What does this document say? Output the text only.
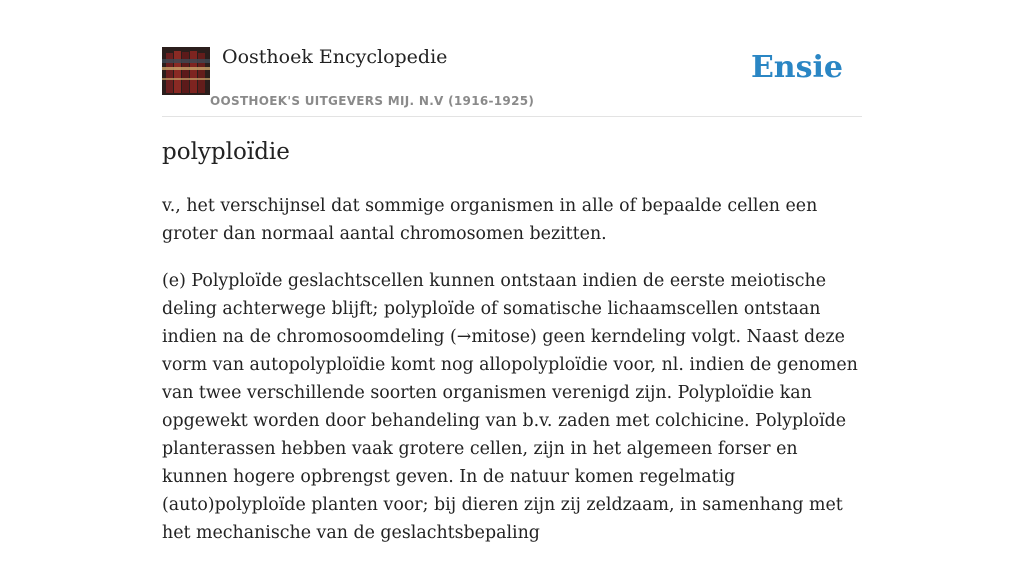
Oosthoek Encyclopedie
OOSTHOEK'S UITGEVERS MIJ. N.V (1916-1925)
Ensie
polyploïdie

v., het verschijnsel dat sommige organismen in alle of bepaalde cellen een groter dan normaal aantal chromosomen bezitten.

(e) Polyploïde geslachtscellen kunnen ontstaan indien de eerste meiotische deling achterwege blijft; polyploïde of somatische lichaamscellen ontstaan indien na de chromosoomdeling (→mitose) geen kerndeling volgt. Naast deze vorm van autopolyploïdie komt nog allopolyploïdie voor, nl. indien de genomen van twee verschillende soorten organismen verenigd zijn. Polyploïdie kan opgewekt worden door behandeling van b.v. zaden met colchicine. Polyploïde planterassen hebben vaak grotere cellen, zijn in het algemeen forser en kunnen hogere opbrengst geven. In de natuur komen regelmatig (auto)polyploïde planten voor; bij dieren zijn zij zeldzaam, in samenhang met het mechanische van de geslachtsbepaling
